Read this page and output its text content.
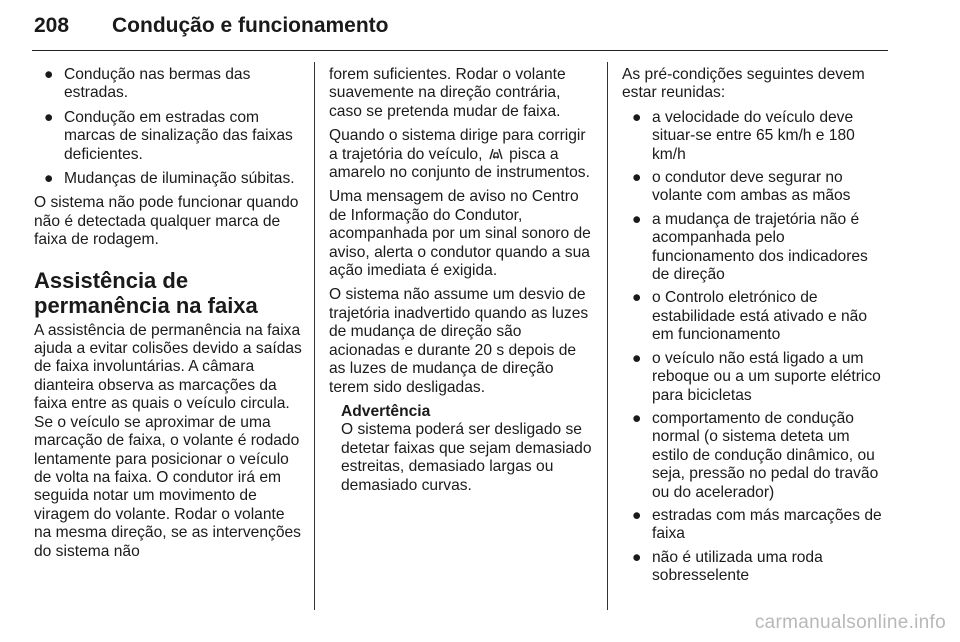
208 Condução e funcionamento
● Condução nas bermas das estradas.
● Condução em estradas com marcas de sinalização das faixas deficientes.
● Mudanças de iluminação súbitas.

O sistema não pode funcionar quando não é detectada qualquer marca de faixa de rodagem.

Assistência de permanência na faixa

A assistência de permanência na faixa ajuda a evitar colisões devido a saídas de faixa involuntárias. A câmara dianteira observa as marcações da faixa entre as quais o veículo circula. Se o veículo se aproximar de uma marcação de faixa, o volante é rodado lentamente para posicionar o veículo de volta na faixa. O condutor irá em seguida notar um movimento de viragem do volante. Rodar o volante na mesma direção, se as intervenções do sistema não

forem suficientes. Rodar o volante suavemente na direção contrária, caso se pretenda mudar de faixa.

Quando o sistema dirige para corrigir a trajetória do veículo, pisca a amarelo no conjunto de instrumentos.

Uma mensagem de aviso no Centro de Informação do Condutor, acompanhada por um sinal sonoro de aviso, alerta o condutor quando a sua ação imediata é exigida.

O sistema não assume um desvio de trajetória inadvertido quando as luzes de mudança de direção são acionadas e durante 20 s depois de as luzes de mudança de direção terem sido desligadas.

Advertência
O sistema poderá ser desligado se detetar faixas que sejam demasiado estreitas, demasiado largas ou demasiado curvas.

As pré-condições seguintes devem estar reunidas:

● a velocidade do veículo deve situar-se entre 65 km/h e 180 km/h
● o condutor deve segurar no volante com ambas as mãos
● a mudança de trajetória não é acompanhada pelo funcionamento dos indicadores de direção
● o Controlo eletrónico de estabilidade está ativado e não em funcionamento
● o veículo não está ligado a um reboque ou a um suporte elétrico para bicicletas
● comportamento de condução normal (o sistema deteta um estilo de condução dinâmico, ou seja, pressão no pedal do travão ou do acelerador)
● estradas com más marcações de faixa
● não é utilizada uma roda sobresselente
carmanualsonline.info
